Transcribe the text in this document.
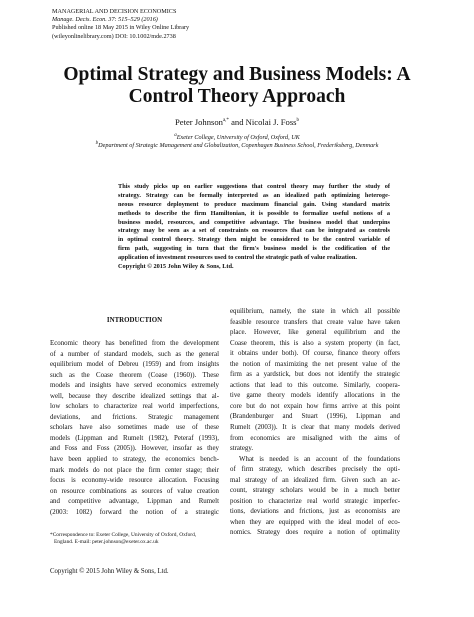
MANAGERIAL AND DECISION ECONOMICS
Manage. Decis. Econ. 37: 515–529 (2016)
Published online 18 May 2015 in Wiley Online Library
(wileyonlinelibrary.com) DOI: 10.1002/mde.2738
Optimal Strategy and Business Models: A
Control Theory Approach
Peter Johnson$^{a,*}$ and Nicolai J. Foss$^b$
$^a$Exeter College, University of Oxford, Oxford, UK
$^b$Department of Strategic Management and Globalization, Copenhagen Business School, Frederiksberg, Denmark
This study picks up on earlier suggestions that control theory may further the study of
strategy. Strategy can be formally interpreted as an idealized path optimizing heteroge-
neous resource deployment to produce maximum financial gain. Using standard matrix
methods to describe the firm Hamiltonian, it is possible to formalize useful notions of a
business model, resources, and competitive advantage. The business model that underpins
strategy may be seen as a set of constraints on resources that can be integrated as controls
in optimal control theory. Strategy then might be considered to be the control variable of
firm path, suggesting in turn that the firm's business model is the codification of the
application of investment resources used to control the strategic path of value realization.
Copyright © 2015 John Wiley & Sons, Ltd.
INTRODUCTION
Economic theory has benefitted from the development
of a number of standard models, such as the general
equilibrium model of Debreu (1959) and from insights
such as the Coase theorem (Coase (1960)). These
models and insights have served economics extremely
well, because they describe idealized settings that al-
low scholars to characterize real world imperfections,
deviations, and frictions. Strategic management
scholars have also sometimes made use of these
models (Lippman and Rumelt (1982), Peteraf (1993),
and Foss and Foss (2005)). However, insofar as they
have been applied to strategy, the economics bench-
mark models do not place the firm center stage; their
focus is economy-wide resource allocation. Focusing
on resource combinations as sources of value creation
and competitive advantage, Lippman and Rumelt
(2003: 1082) forward the notion of a strategic
equilibrium, namely, the state in which all possible
feasible resource transfers that create value have taken
place. However, like general equilibrium and the
Coase theorem, this is also a system property (in fact,
it obtains under both). Of course, finance theory offers
the notion of maximizing the net present value of the
firm as a yardstick, but does not identify the strategic
actions that lead to this outcome. Similarly, coopera-
tive game theory models identify allocations in the
core but do not expain how firms arrive at this point
(Brandenburger and Stuart (1996), Lippman and
Rumelt (2003)). It is clear that many models derived
from economics are misaligned with the aims of
strategy.
What is needed is an account of the foundations
of firm strategy, which describes precisely the opti-
mal strategy of an idealized firm. Given such an ac-
count, strategy scholars would be in a much better
position to characterize real world strategic imperfec-
tions, deviations and frictions, just as economists are
when they are equipped with the ideal model of eco-
nomics. Strategy does require a notion of optimality
*Correspondence to: Exeter College, University of Oxford, Oxford,
England. E-mail: peter.johnson@exeter.ox.ac.uk
Copyright © 2015 John Wiley & Sons, Ltd.
